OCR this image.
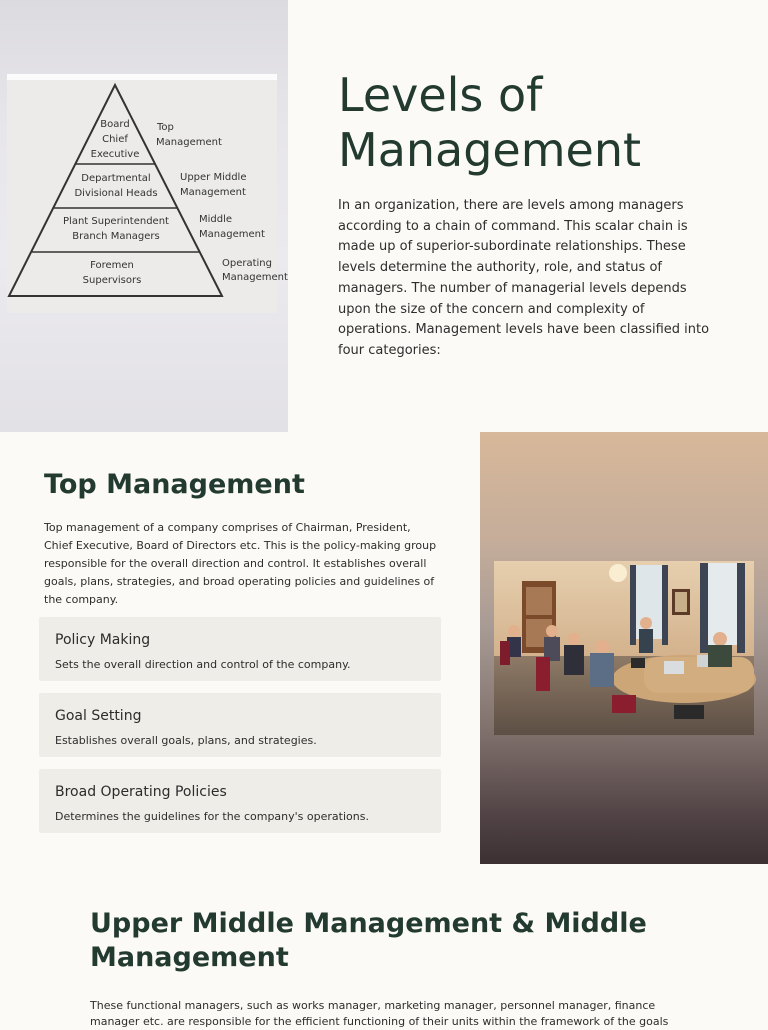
Board
Chief
Executive
Top
Management
Departmental
Divisional Heads
Upper Middle
Management
Plant Superintendent
Branch Managers
Middle
Management
Foremen
Supervisors
Operating
Management
Levels of Management

In an organization, there are levels among managers according to a chain of command. This scalar chain is made up of superior-subordinate relationships. These levels determine the authority, role, and status of managers. The number of managerial levels depends upon the size of the concern and complexity of operations. Management levels have been classified into four categories:

Top Management

Top management of a company comprises of Chairman, President, Chief Executive, Board of Directors etc. This is the policy-making group responsible for the overall direction and control. It establishes overall goals, plans, strategies, and broad operating policies and guidelines of the company.

Policy Making
Sets the overall direction and control of the company.
Goal Setting
Establishes overall goals, plans, and strategies.
Broad Operating Policies
Determines the guidelines for the company's operations.
Upper Middle Management & Middle Management

These functional managers, such as works manager, marketing manager, personnel manager, finance manager etc. are responsible for the efficient functioning of their units within the framework of the goals
